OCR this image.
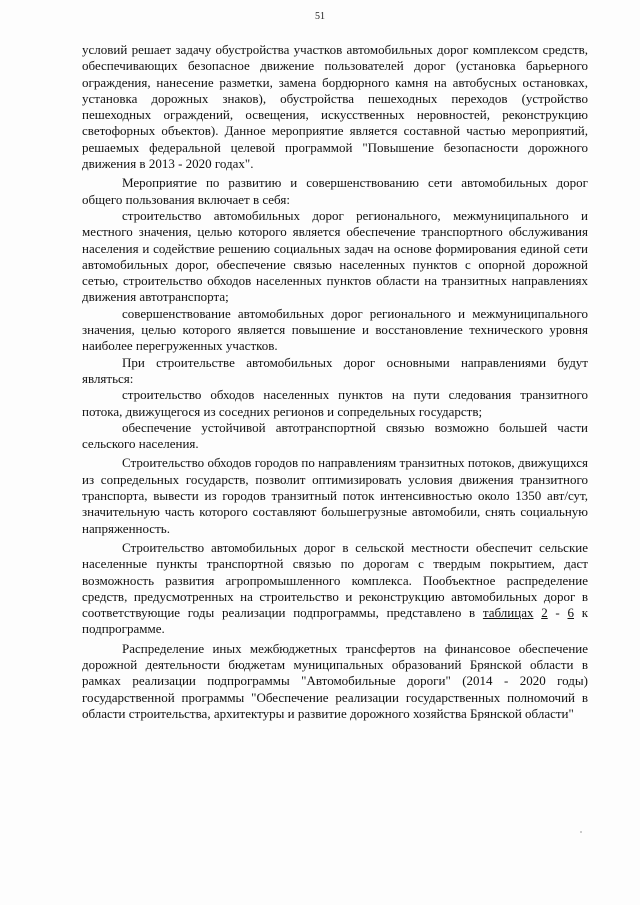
51

условий решает задачу обустройства участков автомобильных дорог комплексом средств, обеспечивающих безопасное движение пользователей дорог (установка барьерного ограждения, нанесение разметки, замена бордюрного камня на автобусных остановках, установка дорожных знаков), обустройства пешеходных переходов (устройство пешеходных ограждений, освещения, искусственных неровностей, реконструкцию светофорных объектов). Данное мероприятие является составной частью мероприятий, решаемых федеральной целевой программой "Повышение безопасности дорожного движения в 2013 - 2020 годах".

Мероприятие по развитию и совершенствованию сети автомобильных дорог общего пользования включает в себя:

строительство автомобильных дорог регионального, межмуниципального и местного значения, целью которого является обеспечение транспортного обслуживания населения и содействие решению социальных задач на основе формирования единой сети автомобильных дорог, обеспечение связью населенных пунктов с опорной дорожной сетью, строительство обходов населенных пунктов области на транзитных направлениях движения автотранспорта;

совершенствование автомобильных дорог регионального и межмуниципального значения, целью которого является повышение и восстановление технического уровня наиболее перегруженных участков.

При строительстве автомобильных дорог основными направлениями будут являться:

строительство обходов населенных пунктов на пути следования транзитного потока, движущегося из соседних регионов и сопредельных государств;

обеспечение устойчивой автотранспортной связью возможно большей части сельского населения.

Строительство обходов городов по направлениям транзитных потоков, движущихся из сопредельных государств, позволит оптимизировать условия движения транзитного транспорта, вывести из городов транзитный поток интенсивностью около 1350 авт/сут, значительную часть которого составляют большегрузные автомобили, снять социальную напряженность.

Строительство автомобильных дорог в сельской местности обеспечит сельские населенные пункты транспортной связью по дорогам с твердым покрытием, даст возможность развития агропромышленного комплекса. Пообъектное распределение средств, предусмотренных на строительство и реконструкцию автомобильных дорог в соответствующие годы реализации подпрограммы, представлено в таблицах 2 - 6 к подпрограмме.

Распределение иных межбюджетных трансфертов на финансовое обеспечение дорожной деятельности бюджетам муниципальных образований Брянской области в рамках реализации подпрограммы "Автомобильные дороги" (2014 - 2020 годы) государственной программы "Обеспечение реализации государственных полномочий в области строительства, архитектуры и развитие дорожного хозяйства Брянской области"
